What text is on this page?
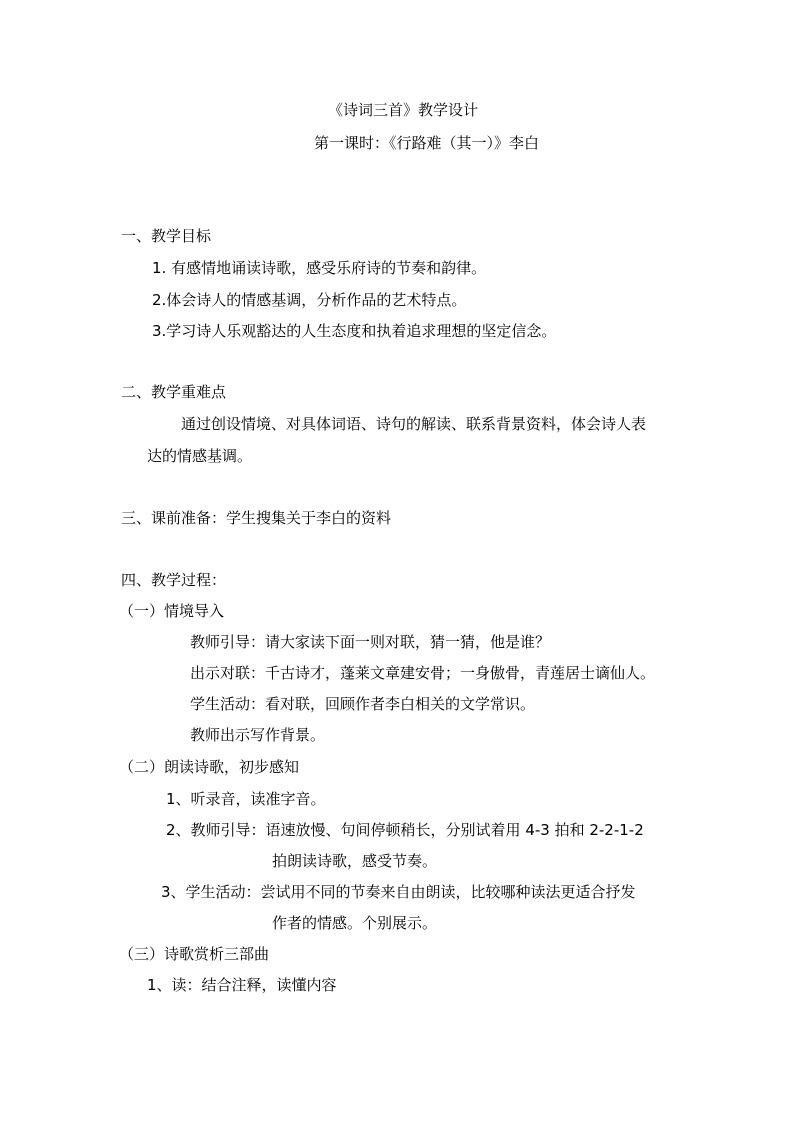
《诗词三首》教学设计

第一课时：《行路难（其一）》李白

一、教学目标

1. 有感情地诵读诗歌，感受乐府诗的节奏和韵律。

2.体会诗人的情感基调，分析作品的艺术特点。

3.学习诗人乐观豁达的人生态度和执着追求理想的坚定信念。

二、教学重难点

通过创设情境、对具体词语、诗句的解读、联系背景资料，体会诗人表

达的情感基调。

三、课前准备：学生搜集关于李白的资料

四、教学过程：

（一）情境导入

教师引导：请大家读下面一则对联，猜一猜，他是谁？

出示对联：千古诗才，蓬莱文章建安骨；一身傲骨，青莲居士谪仙人。

学生活动：看对联，回顾作者李白相关的文学常识。

教师出示写作背景。

（二）朗读诗歌，初步感知

1、听录音，读准字音。

2、教师引导：语速放慢、句间停顿稍长，分别试着用 4-3 拍和 2-2-1-2

拍朗读诗歌，感受节奏。

3、学生活动：尝试用不同的节奏来自由朗读，比较哪种读法更适合抒发

作者的情感。个别展示。

（三）诗歌赏析三部曲

1、读：结合注释，读懂内容
